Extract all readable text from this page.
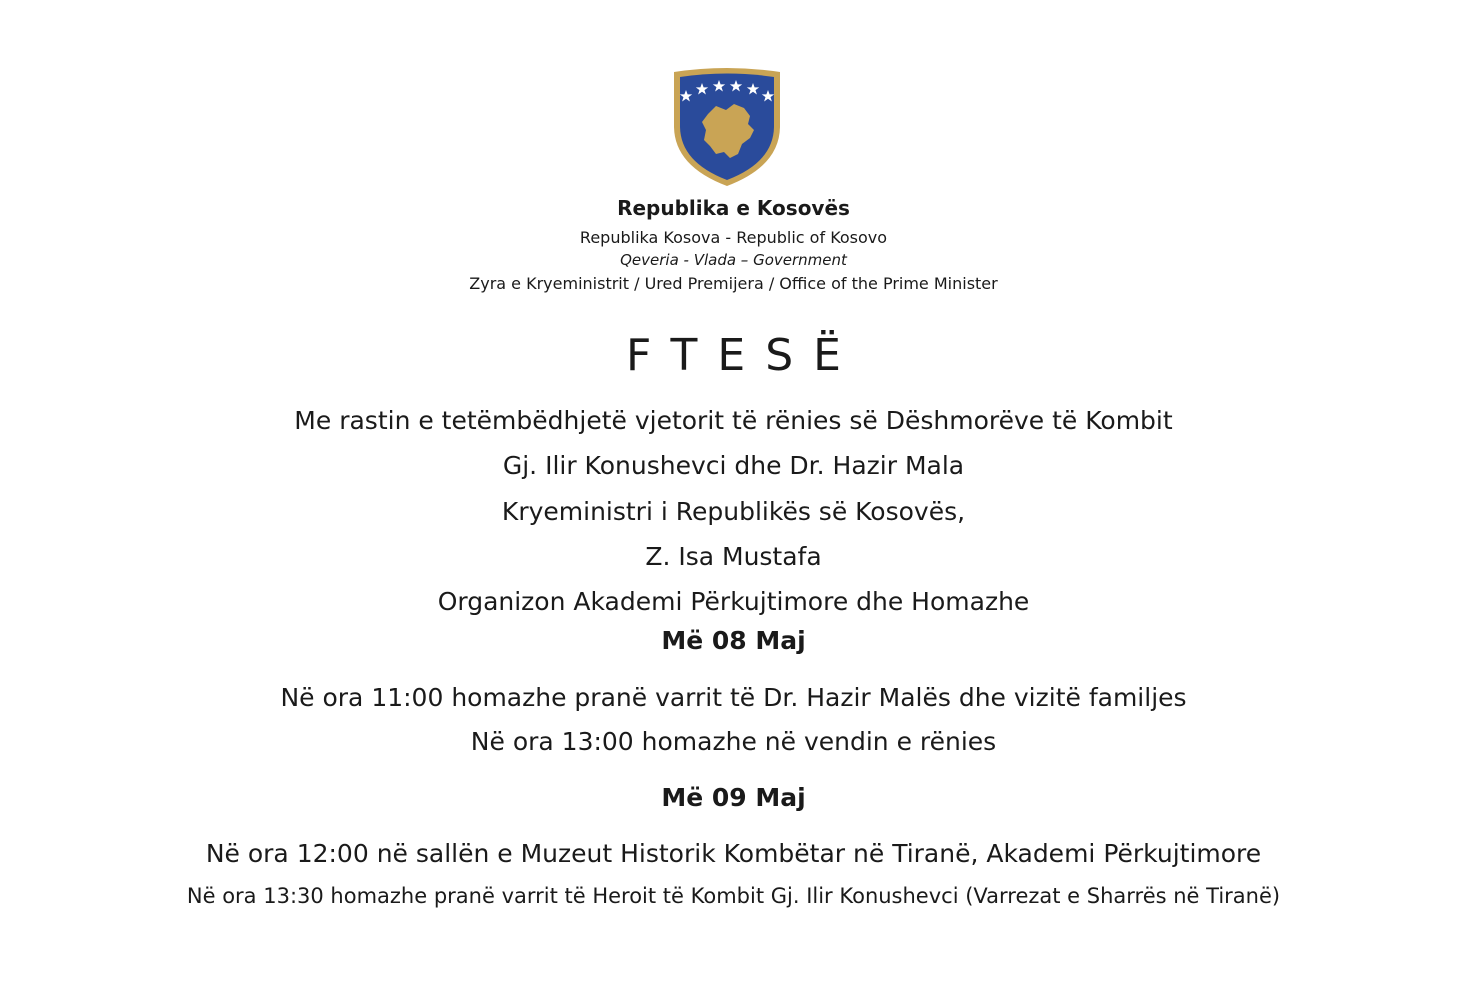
Republika e Kosovës
Republika Kosova - Republic of Kosovo
Qeveria - Vlada – Government
Zyra e Kryeministrit / Ured Premijera / Office of the Prime Minister
FTESË
Me rastin e tetëmbëdhjetë vjetorit të rënies së Dëshmorëve të Kombit
Gj. Ilir Konushevci dhe Dr. Hazir Mala
Kryeministri i Republikës së Kosovës,
Z. Isa Mustafa
Organizon Akademi Përkujtimore dhe Homazhe
Më 08 Maj
Në ora 11:00 homazhe pranë varrit të Dr. Hazir Malës dhe vizitë familjes
Në ora 13:00 homazhe në vendin e rënies
Më 09 Maj
Në ora 12:00 në sallën e Muzeut Historik Kombëtar në Tiranë, Akademi Përkujtimore
Në ora 13:30 homazhe pranë varrit të Heroit të Kombit Gj. Ilir Konushevci (Varrezat e Sharrës në Tiranë)
